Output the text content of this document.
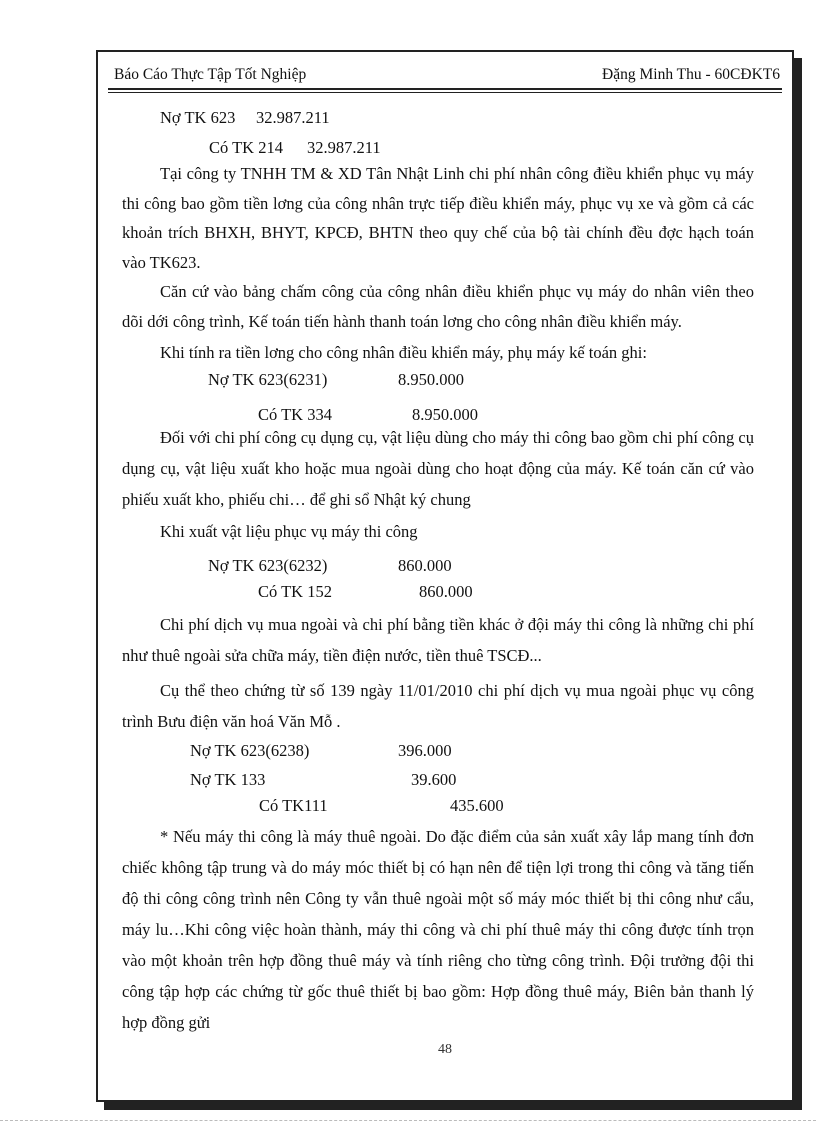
Báo Cáo Thực Tập Tốt Nghiệp	Đặng Minh Thu - 60CĐKT6
Nợ TK 623 32.987.211
Có TK 214 32.987.211
Tại công ty TNHH TM & XD Tân Nhật Linh chi phí nhân công điều khiển phục vụ máy thi công bao gồm tiền lơng của công nhân trực tiếp điều khiển máy, phục vụ xe và gồm cả các khoản trích BHXH, BHYT, KPCĐ, BHTN theo quy chế của bộ tài chính đều đợc hạch toán vào TK623.
Căn cứ vào bảng chấm công của công nhân điều khiển phục vụ máy do nhân viên theo dõi dới công trình, Kế toán tiến hành thanh toán lơng cho công nhân điều khiển máy.
Khi tính ra tiền lơng cho công nhân điều khiển máy, phụ máy kế toán ghi:
Nợ TK 623(6231)	8.950.000
Có TK 334	8.950.000
Đối với chi phí công cụ dụng cụ, vật liệu dùng cho máy thi công bao gồm chi phí công cụ dụng cụ, vật liệu xuất kho hoặc mua ngoài dùng cho hoạt động của máy. Kế toán căn cứ vào phiếu xuất kho, phiếu chi… để ghi sổ Nhật ký chung
Khi xuất vật liệu phục vụ máy thi công
Nợ TK 623(6232)	860.000
Có TK 152	860.000
Chi phí dịch vụ mua ngoài và chi phí bằng tiền khác ở đội máy thi công là những chi phí như thuê ngoài sửa chữa máy, tiền điện nước, tiền thuê TSCĐ...
Cụ thể theo chứng từ số 139 ngày 11/01/2010 chi phí dịch vụ mua ngoài phục vụ công trình Bưu điện văn hoá Văn Mỗ .
Nợ TK 623(6238)	396.000
Nợ TK 133	39.600
Có TK111	435.600
* Nếu máy thi công là máy thuê ngoài. Do đặc điểm của sản xuất xây lắp mang tính đơn chiếc không tập trung và do máy móc thiết bị có hạn nên để tiện lợi trong thi công và tăng tiến độ thi công công trình nên Công ty vẫn thuê ngoài một số máy móc thiết bị thi công như cẩu, máy lu…Khi công việc hoàn thành, máy thi công và chi phí thuê máy thi công được tính trọn vào một khoản trên hợp đồng thuê máy và tính riêng cho từng công trình. Đội trưởng đội thi công tập hợp các chứng từ gốc thuê thiết bị bao gồm: Hợp đồng thuê máy, Biên bản thanh lý hợp đồng gửi
48
